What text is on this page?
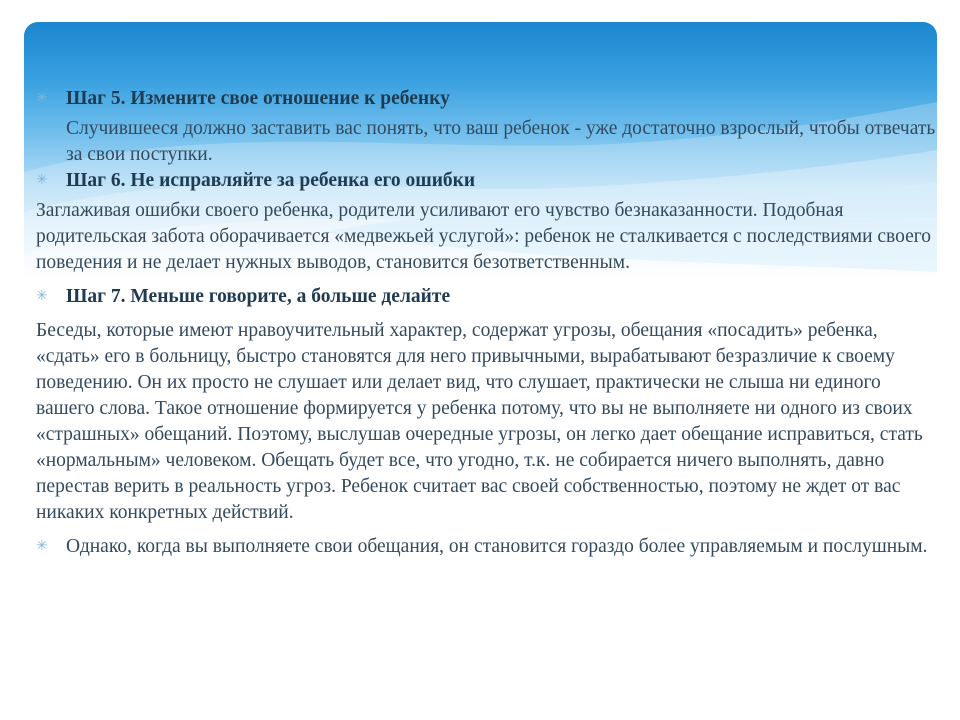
✳ Шаг 5. Измените свое отношение к ребенку
Случившееся должно заставить вас понять, что ваш ребенок - уже достаточно взрослый, чтобы отвечать за свои поступки.
✳ Шаг 6. Не исправляйте за ребенка его ошибки
Заглаживая ошибки своего ребенка, родители усиливают его чувство безнаказанности. Подобная родительская забота оборачивается «медвежьей услугой»: ребенок не сталкивается с последствиями своего поведения и не делает нужных выводов, становится безответственным.
✳ Шаг 7. Меньше говорите, а больше делайте
Беседы, которые имеют нравоучительный характер, содержат угрозы, обещания «посадить» ребенка, «сдать» его в больницу, быстро становятся для него привычными, вырабатывают безразличие к своему поведению. Он их просто не слушает или делает вид, что слушает, практически не слыша ни единого вашего слова. Такое отношение формируется у ребенка потому, что вы не выполняете ни одного из своих «страшных» обещаний. Поэтому, выслушав очередные угрозы, он легко дает обещание исправиться, стать «нормальным» человеком. Обещать будет все, что угодно, т.к. не собирается ничего выполнять, давно перестав верить в реальность угроз. Ребенок считает вас своей собственностью, поэтому не ждет от вас никаких конкретных действий.
✳ Однако, когда вы выполняете свои обещания, он становится гораздо более управляемым и послушным.
